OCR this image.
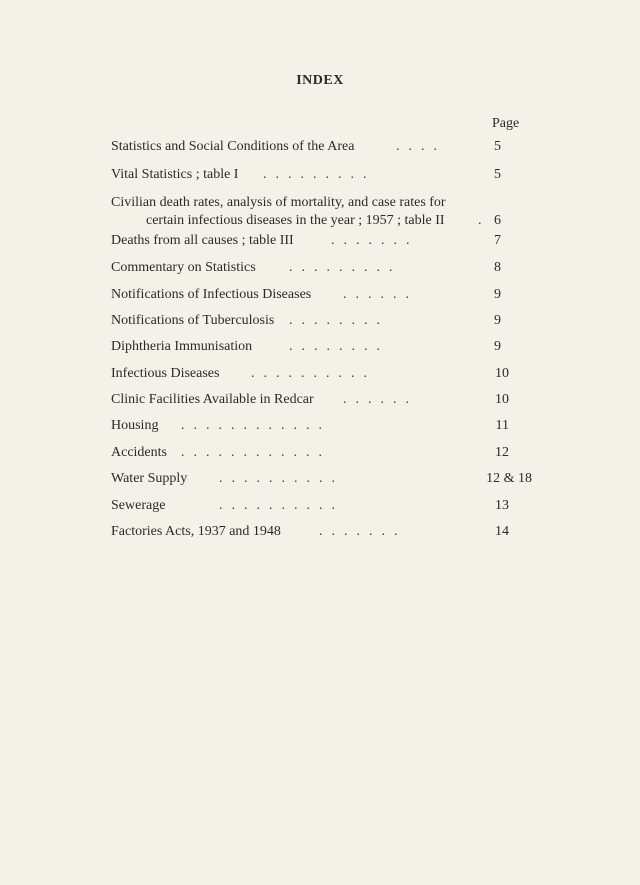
INDEX
Page
Statistics and Social Conditions of the Area	....	5
Vital Statistics ; table I .........	5
Civilian death rates, analysis of mortality, and case rates for
certain infectious diseases in the year ; 1957 ; table II . 6
Deaths from all causes ; table III	.......	7
Commentary on Statistics .........	8
Notifications of Infectious Diseases ......	9
Notifications of Tuberculosis ........	9
Diphtheria Immunisation	........	9
Infectious Diseases ..........	10
Clinic Facilities Available in Redcar ......	10
Housing ............	11
Accidents ............	12
Water Supply ..........	12 & 18
Sewerage	..........	13
Factories Acts, 1937 and 1948	.......	14
